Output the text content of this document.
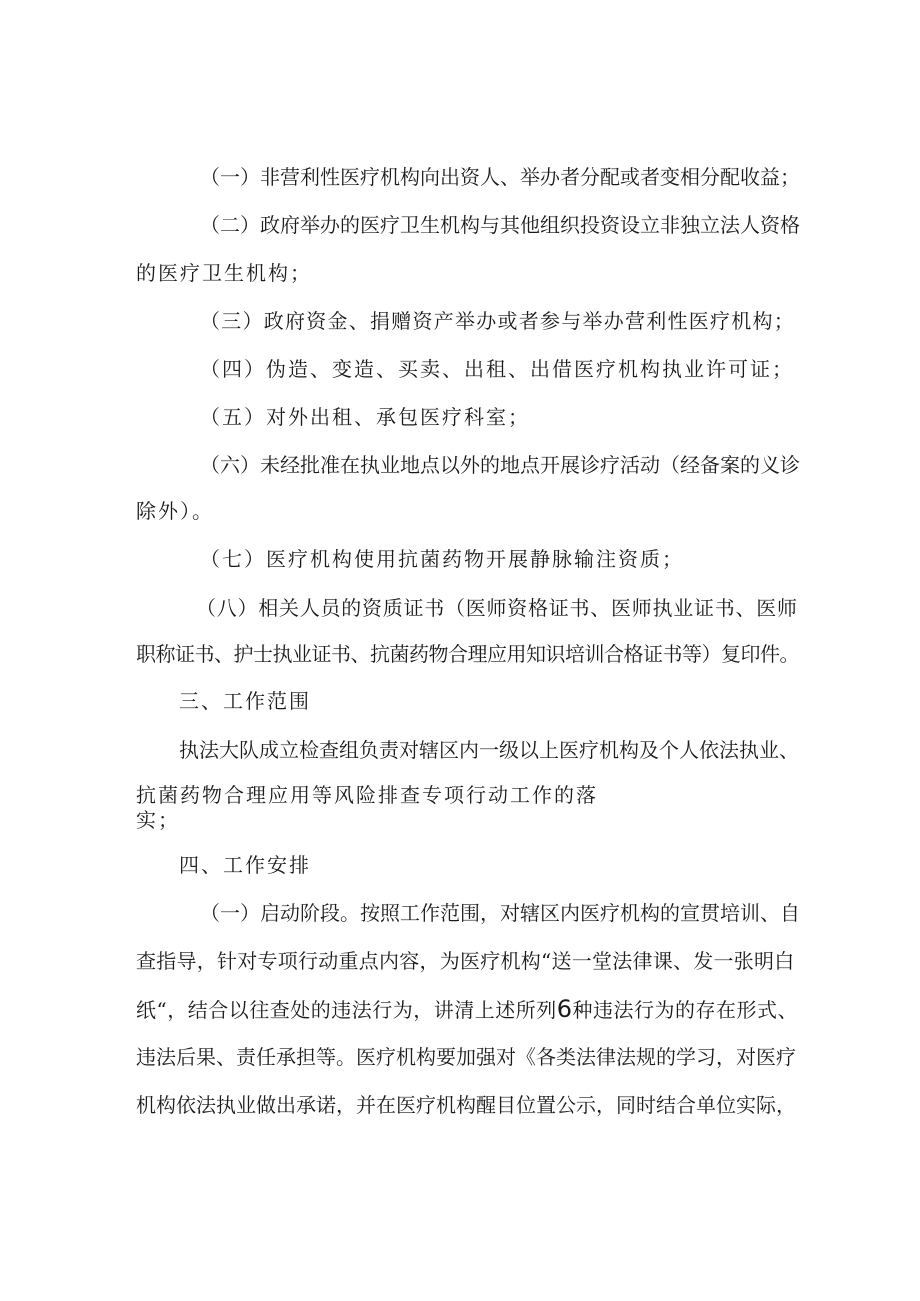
（一）非营利性医疗机构向出资人、举办者分配或者变相分配收益；

（二）政府举办的医疗卫生机构与其他组织投资设立非独立法人资格

的医疗卫生机构；

（三）政府资金、捐赠资产举办或者参与举办营利性医疗机构；

（四）伪造、变造、买卖、出租、出借医疗机构执业许可证；

（五）对外出租、承包医疗科室；

（六）未经批准在执业地点以外的地点开展诊疗活动（经备案的义诊

除外）。

（七）医疗机构使用抗菌药物开展静脉输注资质；

（八）相关人员的资质证书（医师资格证书、医师执业证书、医师

职称证书、护士执业证书、抗菌药物合理应用知识培训合格证书等）复印件。

三、工作范围

执法大队成立检查组负责对辖区内一级以上医疗机构及个人依法执业、

抗菌药物合理应用等风险排查专项行动工作的落

实；

四、工作安排

（一）启动阶段。按照工作范围，对辖区内医疗机构的宣贯培训、自

查指导，针对专项行动重点内容，为医疗机构“送一堂法律课、发一张明白

纸“，结合以往查处的违法行为，讲清上述所列6种违法行为的存在形式、

违法后果、责任承担等。医疗机构要加强对《各类法律法规的学习，对医疗

机构依法执业做出承诺，并在医疗机构醒目位置公示，同时结合单位实际，
